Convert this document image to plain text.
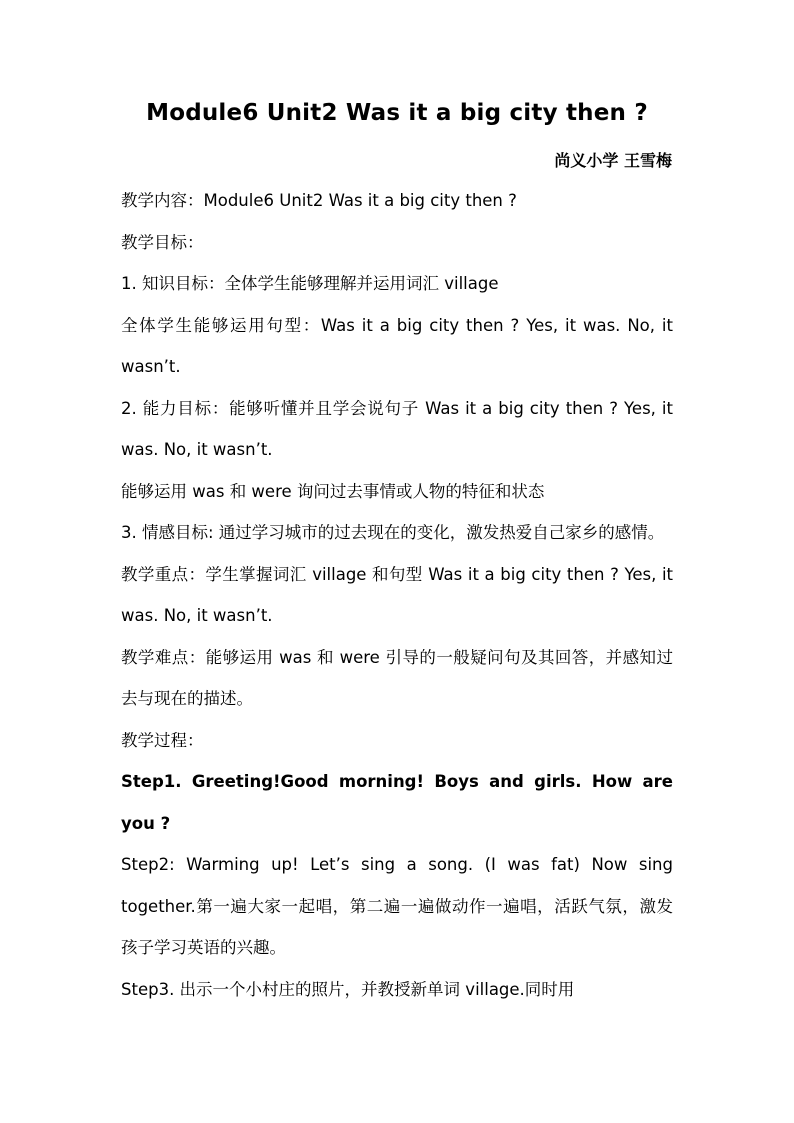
Module6 Unit2 Was it a big city then ?
尚义小学 王雪梅

教学内容：Module6 Unit2 Was it a big city then ?

教学目标：

1. 知识目标：全体学生能够理解并运用词汇 village

全体学生能够运用句型：Was it a big city then ? Yes, it was. No, it wasn’t.

2. 能力目标：能够听懂并且学会说句子 Was it a big city then ? Yes, it was. No, it wasn’t.

能够运用 was 和 were 询问过去事情或人物的特征和状态

3. 情感目标: 通过学习城市的过去现在的变化，激发热爱自己家乡的感情。

教学重点：学生掌握词汇 village 和句型 Was it a big city then ? Yes, it was. No, it wasn’t.

教学难点：能够运用 was 和 were 引导的一般疑问句及其回答，并感知过去与现在的描述。

教学过程：

Step1. Greeting!Good morning! Boys and girls. How are you ?

Step2: Warming up! Let’s sing a song. (I was fat) Now sing together.第一遍大家一起唱，第二遍一遍做动作一遍唱，活跃气氛，激发孩子学习英语的兴趣。

Step3. 出示一个小村庄的照片，并教授新单词 village.同时用
